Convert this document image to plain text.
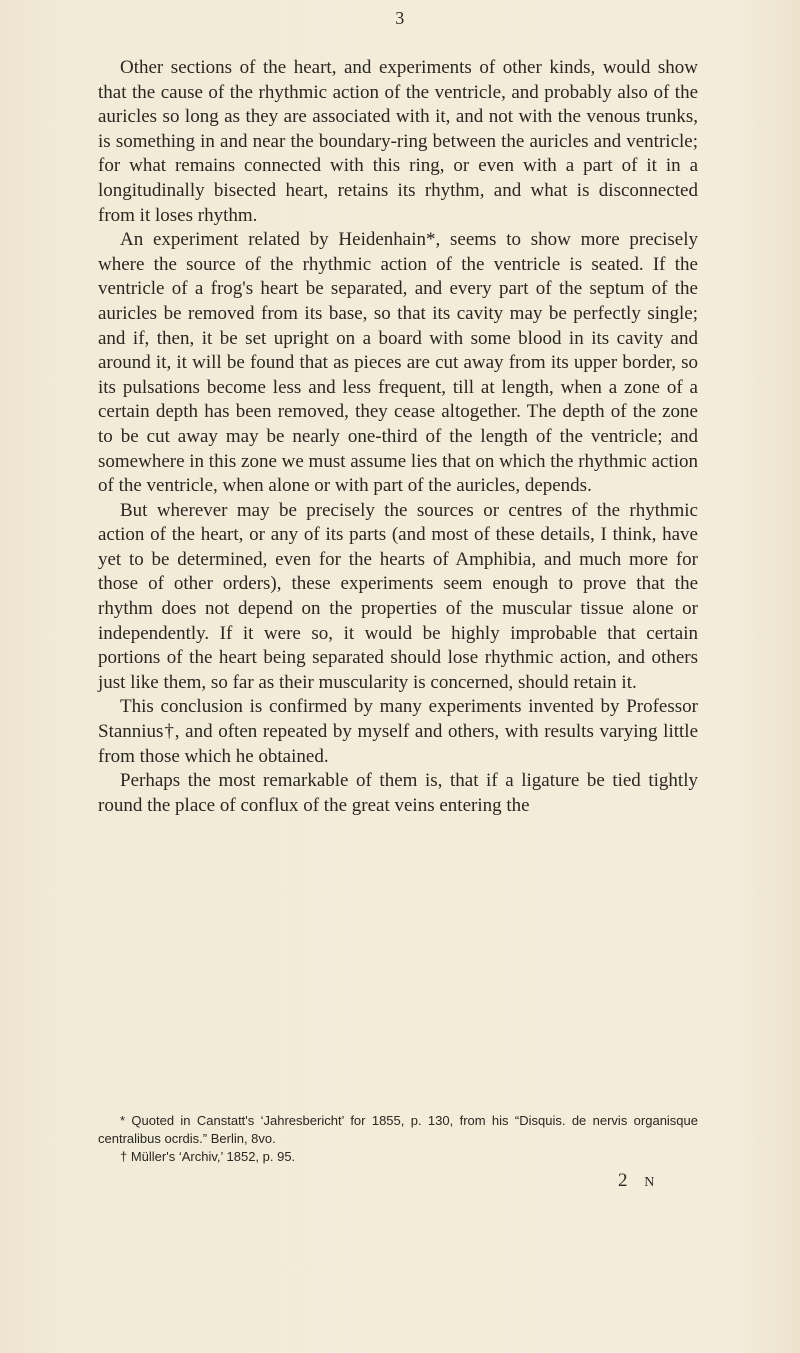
3

Other sections of the heart, and experiments of other kinds, would show that the cause of the rhythmic action of the ventricle, and probably also of the auricles so long as they are associated with it, and not with the venous trunks, is something in and near the boundary-ring between the auricles and ventricle; for what remains connected with this ring, or even with a part of it in a longitudinally bisected heart, retains its rhythm, and what is disconnected from it loses rhythm.

An experiment related by Heidenhain*, seems to show more precisely where the source of the rhythmic action of the ventricle is seated. If the ventricle of a frog's heart be separated, and every part of the septum of the auricles be removed from its base, so that its cavity may be perfectly single; and if, then, it be set upright on a board with some blood in its cavity and around it, it will be found that as pieces are cut away from its upper border, so its pulsations become less and less frequent, till at length, when a zone of a certain depth has been removed, they cease altogether. The depth of the zone to be cut away may be nearly one-third of the length of the ventricle; and somewhere in this zone we must assume lies that on which the rhythmic action of the ventricle, when alone or with part of the auricles, depends.

But wherever may be precisely the sources or centres of the rhythmic action of the heart, or any of its parts (and most of these details, I think, have yet to be determined, even for the hearts of Amphibia, and much more for those of other orders), these experiments seem enough to prove that the rhythm does not depend on the properties of the muscular tissue alone or independently. If it were so, it would be highly improbable that certain portions of the heart being separated should lose rhythmic action, and others just like them, so far as their muscularity is concerned, should retain it.

This conclusion is confirmed by many experiments invented by Professor Stannius†, and often repeated by myself and others, with results varying little from those which he obtained.

Perhaps the most remarkable of them is, that if a ligature be tied tightly round the place of conflux of the great veins entering the

* Quoted in Canstatt's ‘Jahresbericht’ for 1855, p. 130, from his “Disquis. de nervis organisque centralibus ocrdis.” Berlin, 8vo.

† Müller's ‘Archiv,’ 1852, p. 95.

2 N
